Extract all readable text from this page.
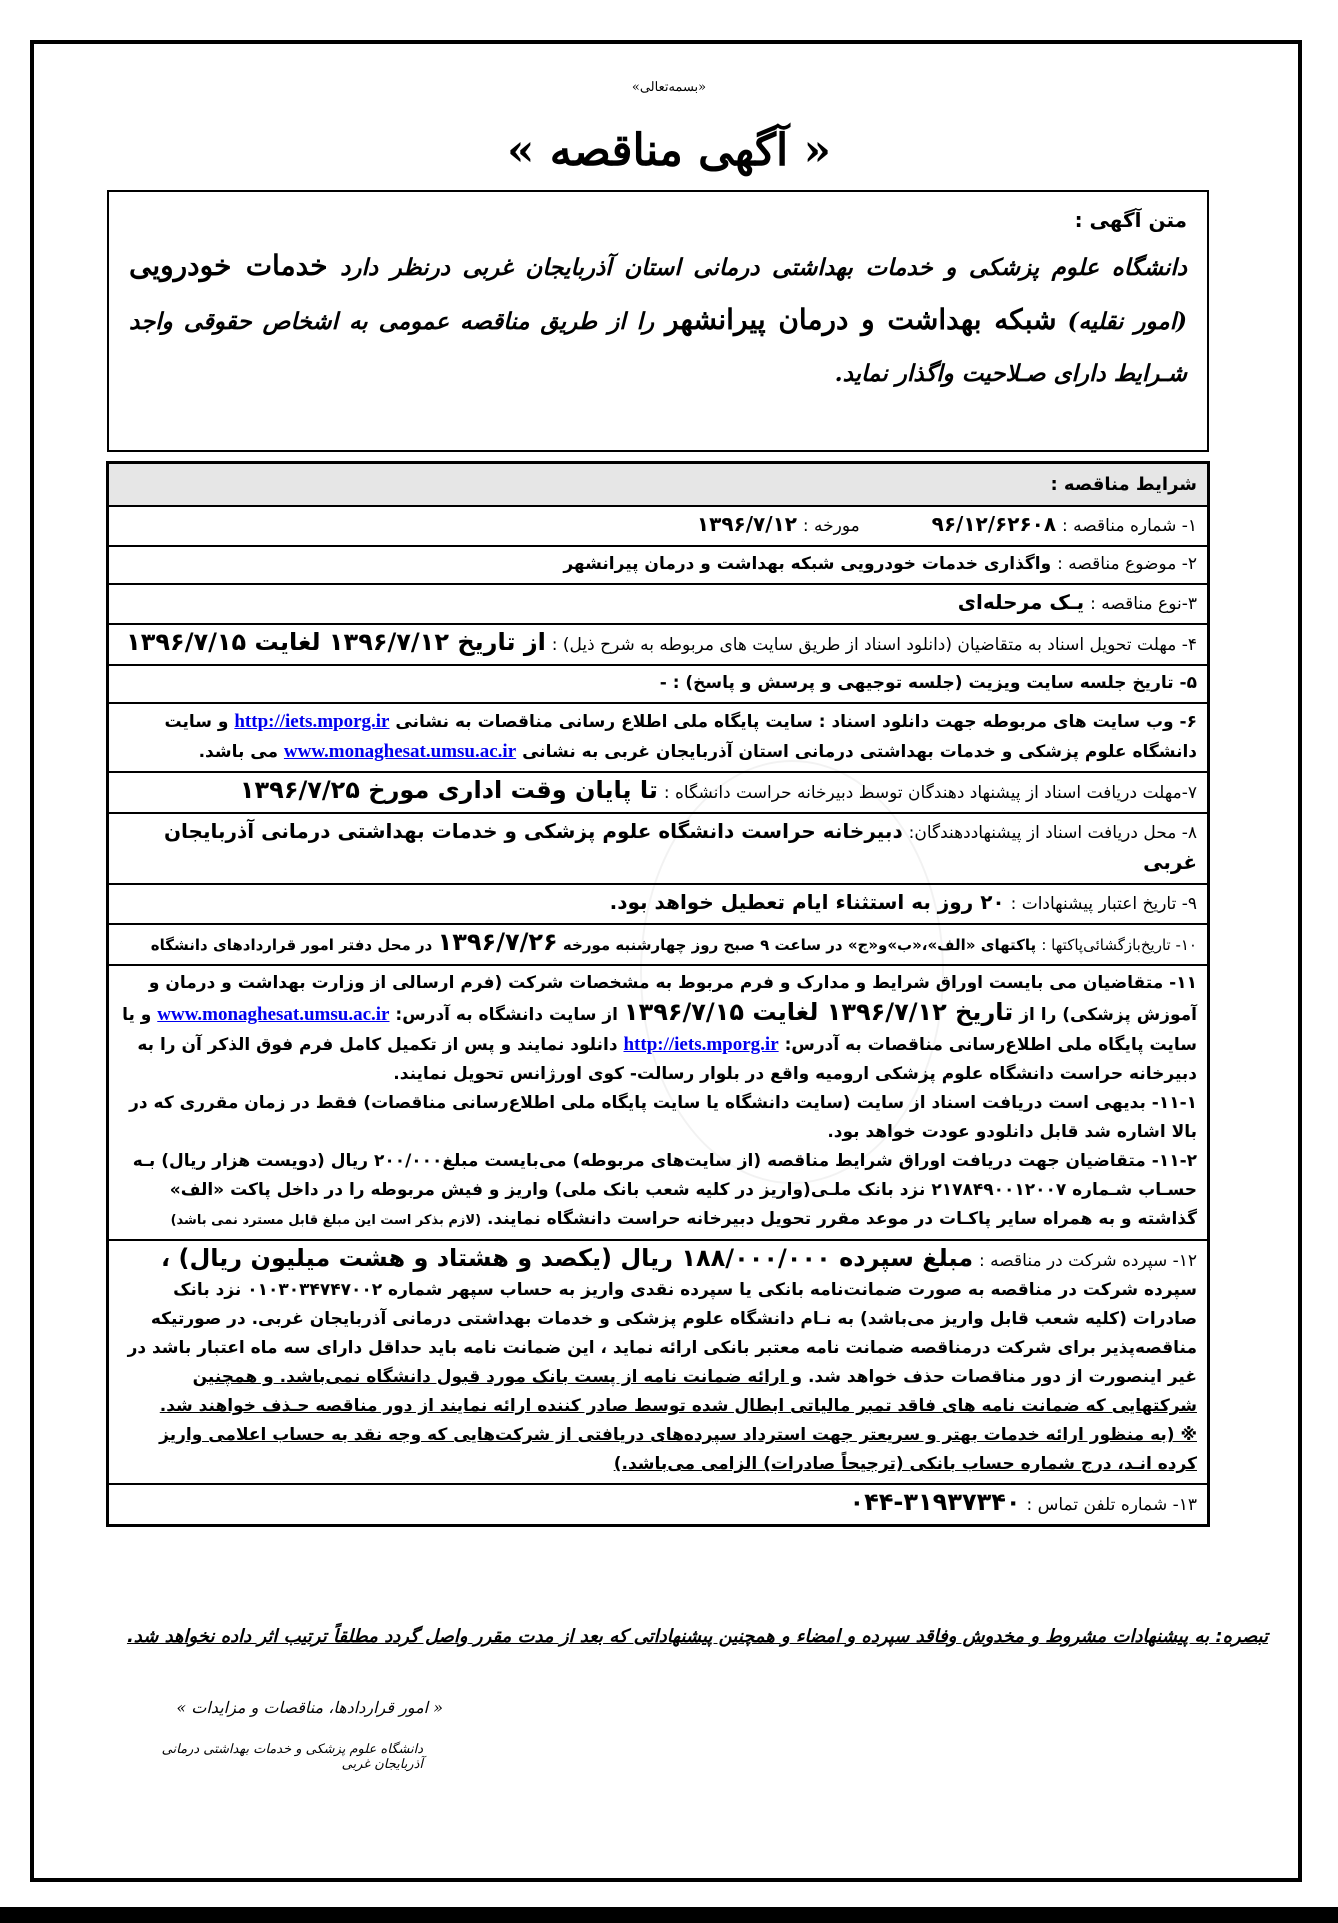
«بسمه‌تعالی»
« آگهی مناقصه »
متن آگهی :
دانشگاه علوم پزشکی و خدمات بهداشتی درمانی استان آذربایجان غربی درنظر دارد خدمات خودرویی (امور نقلیه) شبکه بهداشت و درمان پیرانشهر را از طریق مناقصه عمومی به اشخاص حقوقی واجد شـرایط دارای صـلاحیت واگذار نماید.
شرایط مناقصه :
۱- شماره مناقصه : ۹۶/۱۲/۶۲۶۰۸  مورخه : ۱۳۹۶/۷/۱۲
۲- موضوع مناقصه : واگذاری خدمات خودرویی شبکه بهداشت و درمان پیرانشهر
۳-نوع مناقصه : یـک مرحله‌ای
۴- مهلت تحویل اسناد به متقاضیان (دانلود اسناد از طریق سایت های مربوطه به شرح ذیل) : از تاریخ ۱۳۹۶/۷/۱۲ لغایت ۱۳۹۶/۷/۱۵
۵- تاریخ جلسه سایت ویزیت (جلسه توجیهی و پرسش و پاسخ) : -
۶- وب سایت های مربوطه جهت دانلود اسناد : سایت پایگاه ملی اطلاع رسانی مناقصات به نشانی http://iets.mporg.ir و سایت دانشگاه علوم پزشکی و خدمات بهداشتی درمانی استان آذربایجان غربی به نشانی www.monaghesat.umsu.ac.ir می باشد.
۷-مهلت دریافت اسناد از پیشنهاد دهندگان توسط دبیرخانه حراست دانشگاه : تا پایان وقت اداری مورخ ۱۳۹۶/۷/۲۵
۸- محل دریافت اسناد از پیشنهاددهندگان: دبیرخانه حراست دانشگاه علوم پزشکی و خدمات بهداشتی درمانی آذربایجان غربی
۹- تاریخ اعتبار پیشنهادات : ۲۰ روز به استثناء ایام تعطیل خواهد بود.
۱۰- تاریخ‌بازگشائی‌پاکتها : پاکتهای «الف»،«ب»و«ج» در ساعت ۹ صبح روز چهارشنبه مورخه ۱۳۹۶/۷/۲۶ در محل دفتر امور قراردادهای دانشگاه
۱۱- متقاضیان می بایست اوراق شرایط و مدارک و فرم مربوط به مشخصات شرکت (فرم ارسالی از وزارت بهداشت و درمان و آموزش پزشکی) را از تاریخ ۱۳۹۶/۷/۱۲ لغایت ۱۳۹۶/۷/۱۵ از سایت دانشگاه به آدرس: www.monaghesat.umsu.ac.ir و یا سایت پایگاه ملی اطلاع‌رسانی مناقصات به آدرس: http://iets.mporg.ir دانلود نمایند و پس از تکمیل کامل فرم فوق الذکر آن را به دبیرخانه حراست دانشگاه علوم پزشکی ارومیه واقع در بلوار رسالت- کوی اورژانس تحویل نمایند.
۱۱-۱- بدیهی است دریافت اسناد از سایت (سایت دانشگاه یا سایت پایگاه ملی اطلاع‌رسانی مناقصات) فقط در زمان مقرری که در بالا اشاره شد قابل دانلودو عودت خواهد بود.
۱۱-۲- متقاضیان جهت دریافت اوراق شرایط مناقصه (از سایت‌های مربوطه) می‌بایست مبلغ۲۰۰/۰۰۰ ریال (دویست هزار ریال) بـه حسـاب شـماره ۲۱۷۸۴۹۰۰۱۲۰۰۷ نزد بانک ملـی(واریز در کلیه شعب بانک ملی) واریز و فیش مربوطه را در داخل پاکت «الف» گذاشته و به همراه سایر پاکـات در موعد مقرر تحویل دبیرخانه حراست دانشگاه نمایند. (لازم بذکر است این مبلغ قابل مسترد نمی باشد)
۱۲- سپرده شرکت در مناقصه : مبلغ سپرده ۱۸۸/۰۰۰/۰۰۰ ریال (یکصد و هشتاد و هشت میلیون ریال) ، سپرده شرکت در مناقصه به صورت ضمانت‌نامه بانکی یا سپرده نقدی واریز به حساب سپهر شماره ۰۱۰۳۰۳۴۷۴۷۰۰۲ نزد بانک صادرات (کلیه شعب قابل واریز می‌باشد) به نـام دانشگاه علوم پزشکی و خدمات بهداشتی درمانی آذربایجان غربی. در صورتیکه مناقصه‌پذیر برای شرکت درمناقصه ضمانت نامه معتبر بانکی ارائه نماید ، این ضمانت نامه باید حداقل دارای سه ماه اعتبار باشد در غیر اینصورت از دور مناقصات حذف خواهد شد. و ارائه ضمانت نامه از پست بانک مورد قبول دانشگاه نمی‌باشد. و همچنین شرکتهایی که ضمانت نامه های فاقد تمبر مالیاتی ابطال شده توسط صادر کننده ارائه نمایند از دور مناقصه حـذف خواهند شد.
※ (به منظور ارائه خدمات بهتر و سریعتر جهت استرداد سپرده‌های دریافتی از شرکت‌هایی که وجه نقد به حساب اعلامی واریز کرده انـد، درج شماره حساب بانکی (ترجیحاً صادرات) الزامی می‌باشد.)
۱۳- شماره تلفن تماس : ۳۱۹۳۷۳۴۰-۰۴۴
تبصره: به پیشنهادات مشروط و مخدوش وفاقد سپرده و امضاء و همچنین پیشنهاداتی که بعد از مدت مقرر واصل گردد مطلقاً ترتیب اثر داده نخواهد شد.
« امور قراردادها، مناقصات و مزایدات »
دانشگاه علوم پزشکی و خدمات بهداشتی درمانی آذربایجان غربی
